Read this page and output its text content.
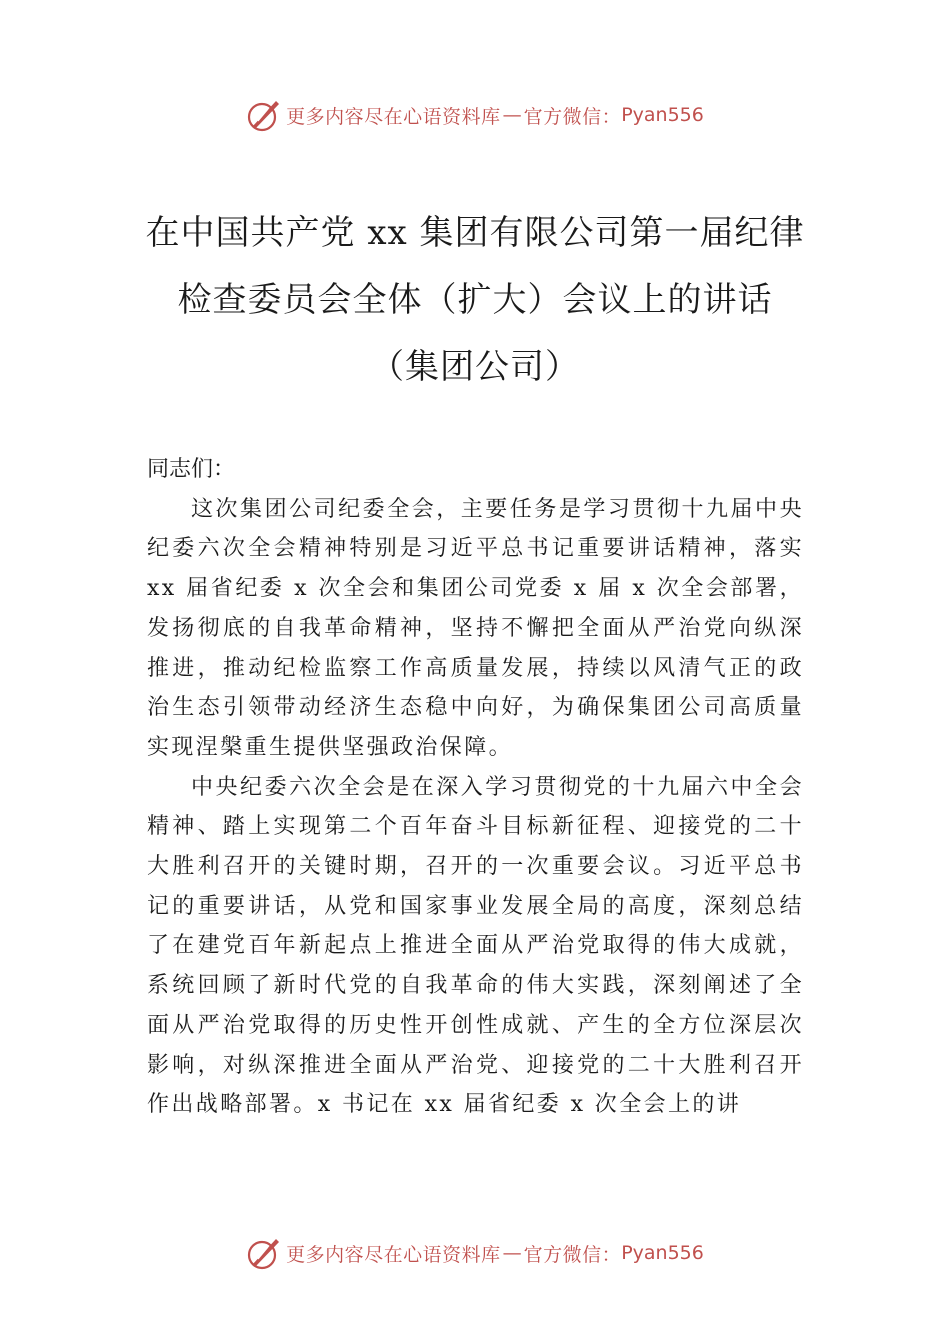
更多内容尽在心语资料库 — 官方微信： Pyan556
在中国共产党 xx 集团有限公司第一届纪律
检查委员会全体（扩大）会议上的讲话
（集团公司）
同志们：

这次集团公司纪委全会，主要任务是学习贯彻十九届中央纪委六次全会精神特别是习近平总书记重要讲话精神，落实 xx 届省纪委 x 次全会和集团公司党委 x 届 x 次全会部署， 发扬彻底的自我革命精神，坚持不懈把全面从严治党向纵深推进，推动纪检监察工作高质量发展，持续以风清气正的政治生态引领带动经济生态稳中向好，为确保集团公司高质量实现涅槃重生提供坚强政治保障。

中央纪委六次全会是在深入学习贯彻党的十九届六中全会精神、踏上实现第二个百年奋斗目标新征程、迎接党的二十大胜利召开的关键时期，召开的一次重要会议。习近平总书记的重要讲话，从党和国家事业发展全局的高度，深刻总结了在建党百年新起点上推进全面从严治党取得的伟大成就，系统回顾了新时代党的自我革命的伟大实践，深刻阐述了全面从严治党取得的历史性开创性成就、产生的全方位深层次影响，对纵深推进全面从严治党、迎接党的二十大胜利召开作出战略部署。x 书记在 xx 届省纪委 x 次全会上的讲

更多内容尽在心语资料库 — 官方微信： Pyan556
